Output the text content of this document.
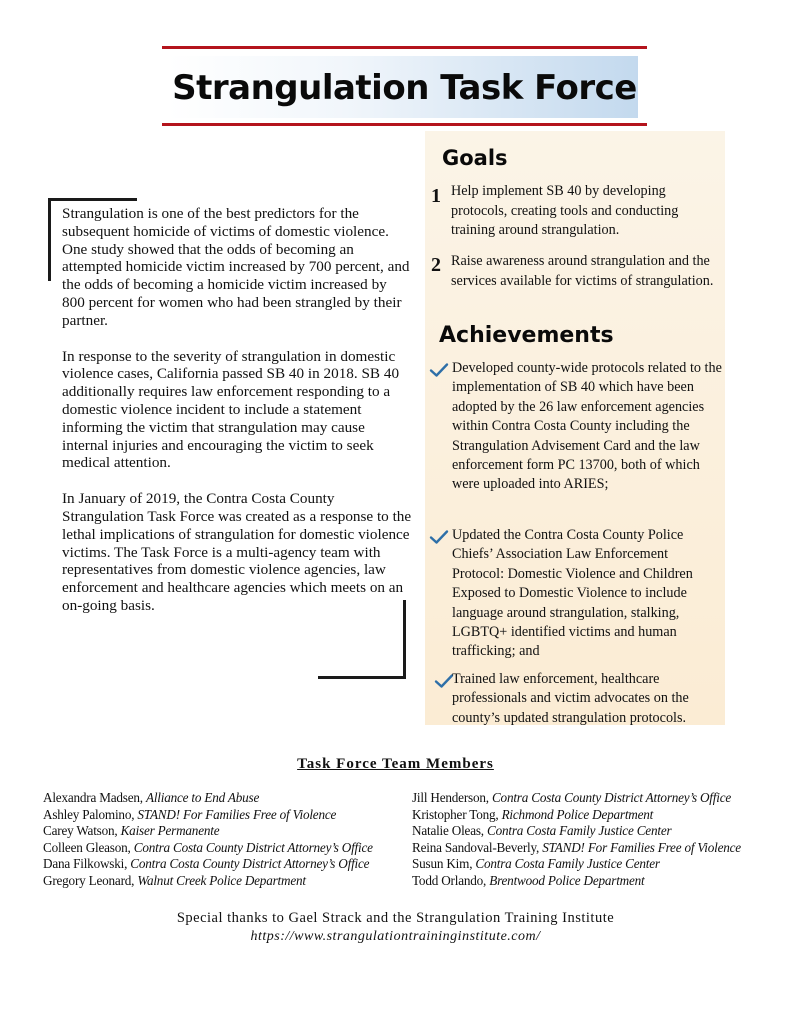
Strangulation Task Force

Strangulation is one of the best predictors for the subsequent homicide of victims of domestic violence. One study showed that the odds of becoming an attempted homicide victim increased by 700 percent, and the odds of becoming a homicide victim increased by 800 percent for women who had been strangled by their partner.

In response to the severity of strangulation in domestic violence cases, California passed SB 40 in 2018. SB 40 additionally requires law enforcement responding to a domestic violence incident to include a statement informing the victim that strangulation may cause internal injuries and encouraging the victim to seek medical attention.

In January of 2019, the Contra Costa County Strangulation Task Force was created as a response to the lethal implications of strangulation for domestic violence victims. The Task Force is a multi-agency team with representatives from domestic violence agencies, law enforcement and healthcare agencies which meets on an on-going basis.

Goals
1 Help implement SB 40 by developing protocols, creating tools and conducting training around strangulation.
2 Raise awareness around strangulation and the services available for victims of strangulation.
Achievements
Developed county-wide protocols related to the implementation of SB 40 which have been adopted by the 26 law enforcement agencies within Contra Costa County including the Strangulation Advisement Card and the law enforcement form PC 13700, both of which were uploaded into ARIES;
Updated the Contra Costa County Police Chiefs’ Association Law Enforcement Protocol: Domestic Violence and Children Exposed to Domestic Violence to include language around strangulation, stalking, LGBTQ+ identified victims and human trafficking; and
Trained law enforcement, healthcare professionals and victim advocates on the county’s updated strangulation protocols.
Task Force Team Members
Alexandra Madsen, Alliance to End Abuse
Ashley Palomino, STAND! For Families Free of Violence
Carey Watson, Kaiser Permanente
Colleen Gleason, Contra Costa County District Attorney’s Office
Dana Filkowski, Contra Costa County District Attorney’s Office
Gregory Leonard, Walnut Creek Police Department
Jill Henderson, Contra Costa County District Attorney’s Office
Kristopher Tong, Richmond Police Department
Natalie Oleas, Contra Costa Family Justice Center
Reina Sandoval-Beverly, STAND! For Families Free of Violence
Susun Kim, Contra Costa Family Justice Center
Todd Orlando, Brentwood Police Department
Special thanks to Gael Strack and the Strangulation Training Institute
https://www.strangulationtraininginstitute.com/
